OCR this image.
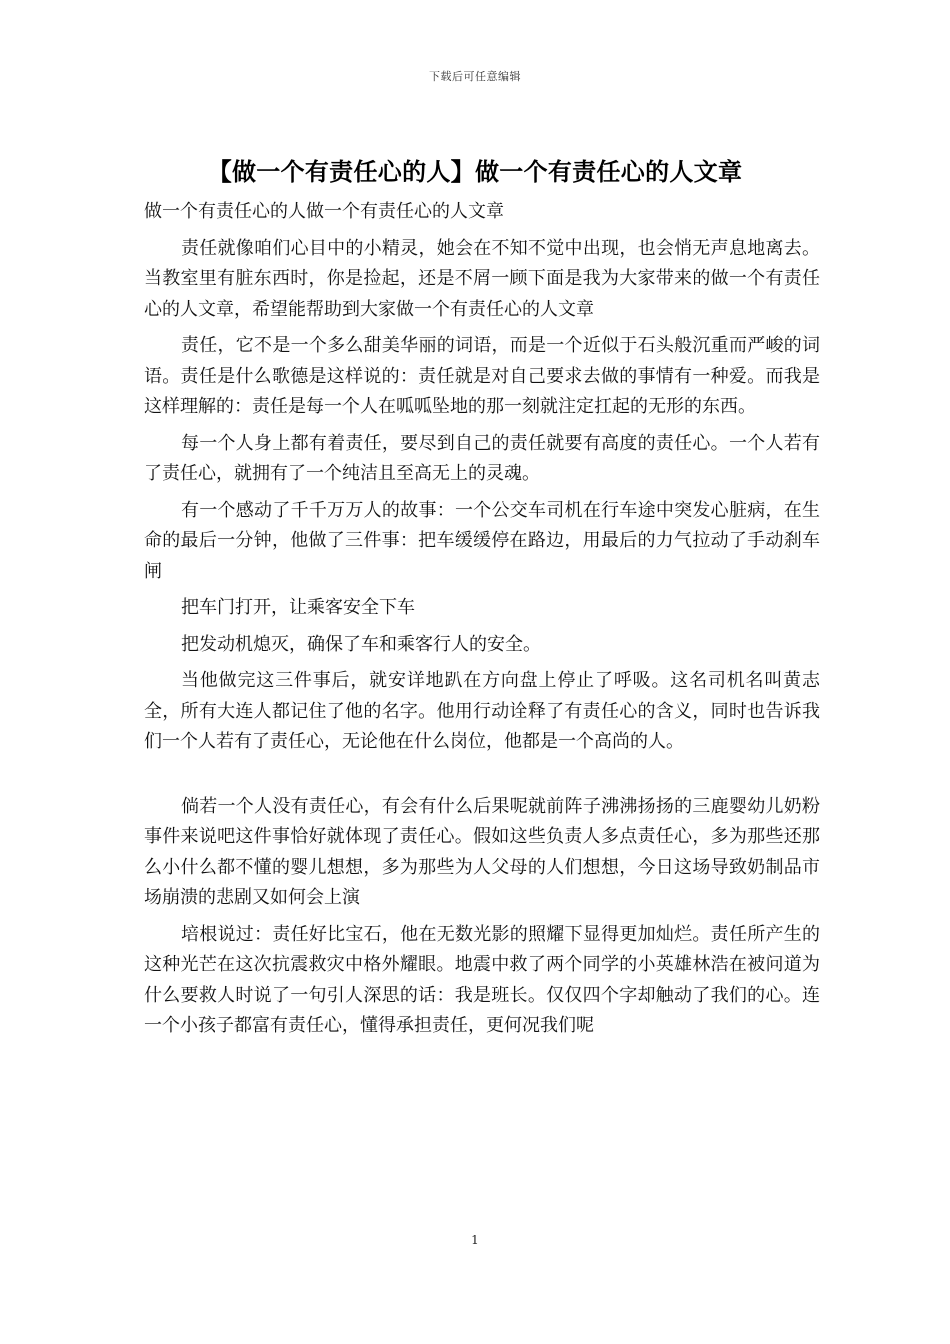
下载后可任意编辑
【做一个有责任心的人】做一个有责任心的人文章

做一个有责任心的人做一个有责任心的人文章

责任就像咱们心目中的小精灵，她会在不知不觉中出现，也会悄无声息地离去。当教室里有脏东西时，你是捡起，还是不屑一顾下面是我为大家带来的做一个有责任心的人文章，希望能帮助到大家做一个有责任心的人文章

责任，它不是一个多么甜美华丽的词语，而是一个近似于石头般沉重而严峻的词语。责任是什么歌德是这样说的：责任就是对自己要求去做的事情有一种爱。而我是这样理解的：责任是每一个人在呱呱坠地的那一刻就注定扛起的无形的东西。

每一个人身上都有着责任，要尽到自己的责任就要有高度的责任心。一个人若有了责任心，就拥有了一个纯洁且至高无上的灵魂。

有一个感动了千千万万人的故事：一个公交车司机在行车途中突发心脏病，在生命的最后一分钟，他做了三件事：把车缓缓停在路边，用最后的力气拉动了手动刹车闸

把车门打开，让乘客安全下车

把发动机熄灭，确保了车和乘客行人的安全。

当他做完这三件事后，就安详地趴在方向盘上停止了呼吸。这名司机名叫黄志全，所有大连人都记住了他的名字。他用行动诠释了有责任心的含义，同时也告诉我们一个人若有了责任心，无论他在什么岗位，他都是一个高尚的人。

倘若一个人没有责任心，有会有什么后果呢就前阵子沸沸扬扬的三鹿婴幼儿奶粉事件来说吧这件事恰好就体现了责任心。假如这些负责人多点责任心，多为那些还那么小什么都不懂的婴儿想想，多为那些为人父母的人们想想，今日这场导致奶制品市场崩溃的悲剧又如何会上演

培根说过：责任好比宝石，他在无数光影的照耀下显得更加灿烂。责任所产生的这种光芒在这次抗震救灾中格外耀眼。地震中救了两个同学的小英雄林浩在被问道为什么要救人时说了一句引人深思的话：我是班长。仅仅四个字却触动了我们的心。连一个小孩子都富有责任心，懂得承担责任，更何况我们呢

1
